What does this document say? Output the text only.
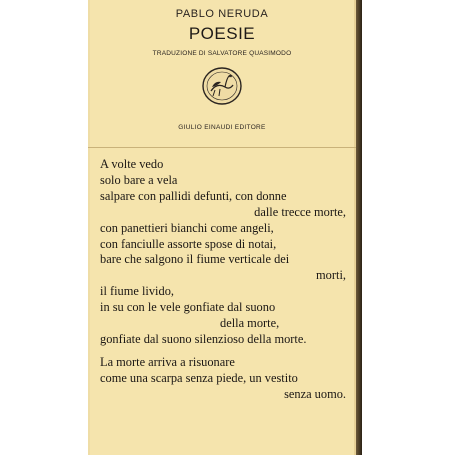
PABLO NERUDA
POESIE
TRADUZIONE DI SALVATORE QUASIMODO
GIULIO EINAUDI EDITORE
A volte vedo
solo bare a vela
salpare con pallidi defunti, con donne
dalle trecce morte,
con panettieri bianchi come angeli,
con fanciulle assorte spose di notai,
bare che salgono il fiume verticale dei
morti,
il fiume livido,
in su con le vele gonfiate dal suono
della morte,
gonfiate dal suono silenzioso della morte.
La morte arriva a risuonare
come una scarpa senza piede, un vestito
senza uomo.
